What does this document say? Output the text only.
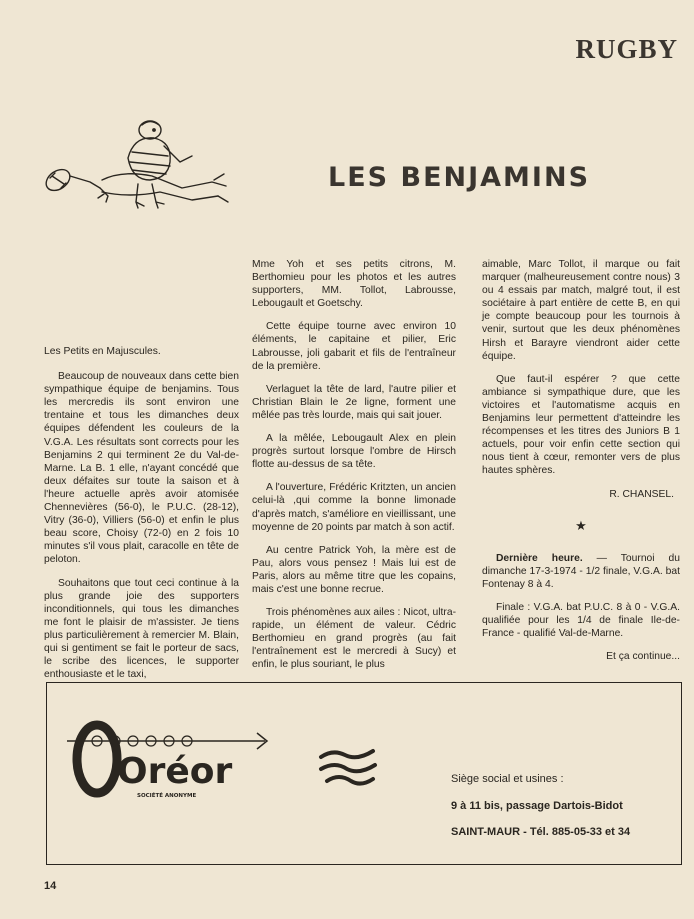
RUGBY
LES BENJAMINS

Les Petits en Majuscules.

Beaucoup de nouveaux dans cette bien sympathique équipe de benjamins. Tous les mercredis ils sont environ une trentaine et tous les dimanches deux équipes défendent les couleurs de la V.G.A. Les résultats sont corrects pour les Benjamins 2 qui terminent 2e du Val-de-Marne. La B. 1 elle, n'ayant concédé que deux défaites sur toute la saison et à l'heure actuelle après avoir atomisée Chennevières (56-0), le P.U.C. (28-12), Vitry (36-0), Villiers (56-0) et enfin le plus beau score, Choisy (72-0) en 2 fois 10 minutes s'il vous plait, caracolle en tête de peloton.

Souhaitons que tout ceci continue à la plus grande joie des supporters inconditionnels, qui tous les dimanches me font le plaisir de m'assister. Je tiens plus particulièrement à remercier M. Blain, qui si gentiment se fait le porteur de sacs, le scribe des licences, le supporter enthousiaste et le taxi,

Mme Yoh et ses petits citrons, M. Berthomieu pour les photos et les autres supporters, MM. Tollot, Labrousse, Lebougault et Goetschy.

Cette équipe tourne avec environ 10 éléments, le capitaine et pilier, Eric Labrousse, joli gabarit et fils de l'entraîneur de la première.

Verlaguet la tête de lard, l'autre pilier et Christian Blain le 2e ligne, forment une mêlée pas très lourde, mais qui sait jouer.

A la mêlée, Lebougault Alex en plein progrès surtout lorsque l'ombre de Hirsch flotte au-dessus de sa tête.

A l'ouverture, Frédéric Kritzten, un ancien celui-là ,qui comme la bonne limonade d'après match, s'améliore en vieillissant, une moyenne de 20 points par match à son actif.

Au centre Patrick Yoh, la mère est de Pau, alors vous pensez ! Mais lui est de Paris, alors au même titre que les copains, mais c'est une bonne recrue.

Trois phénomènes aux ailes : Nicot, ultra-rapide, un élément de valeur. Cédric Berthomieu en grand progrès (au fait l'entraînement est le mercredi à Sucy) et enfin, le plus souriant, le plus

aimable, Marc Tollot, il marque ou fait marquer (malheureusement contre nous) 3 ou 4 essais par match, malgré tout, il est sociétaire à part entière de cette B, en qui je compte beaucoup pour les tournois à venir, surtout que les deux phénomènes Hirsh et Barayre viendront aider cette équipe.

Que faut-il espérer ? que cette ambiance si sympathique dure, que les victoires et l'automatisme acquis en Benjamins leur permettent d'atteindre les récompenses et les titres des Juniors B 1 actuels, pour voir enfin cette section qui nous tient à cœur, remonter vers de plus hautes sphères.

R. CHANSEL.

★

Dernière heure. — Tournoi du dimanche 17-3-1974 - 1/2 finale, V.G.A. bat Fontenay 8 à 4.

Finale : V.G.A. bat P.U.C. 8 à 0 - V.G.A. qualifiée pour les 1/4 de finale Ile-de-France - qualifié Val-de-Marne.

Et ça continue...

Oréor
SOCIÉTÉ ANONYME
Siège social et usines :
9 à 11 bis, passage Dartois-Bidot
SAINT-MAUR - Tél. 885-05-33 et 34
14
